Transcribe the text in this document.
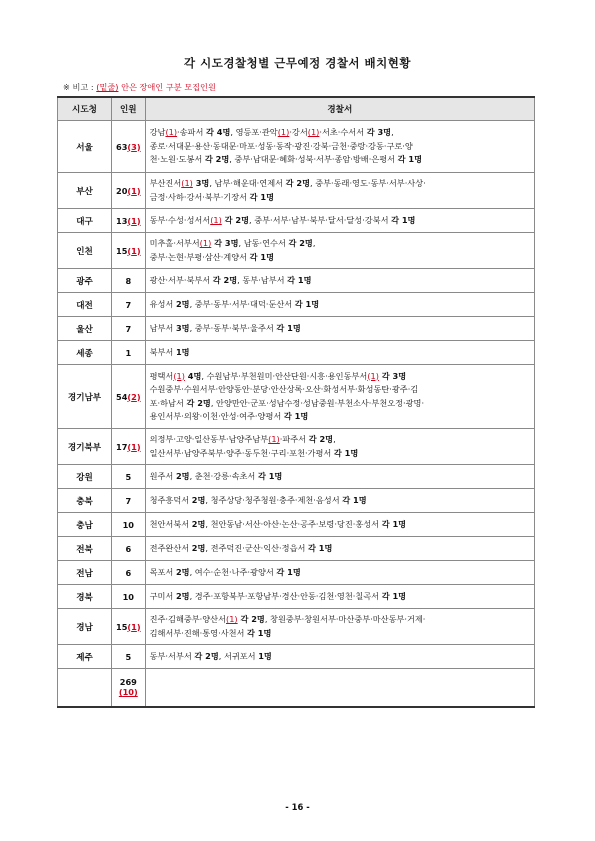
각 시도경찰청별 근무예정 경찰서 배치현황
※ 비고 : (밑줄) 안은 장애인 구분 모집인원
시도청	인원	경찰서
서울	63(3)	강남(1)·송파서 각 4명, 영등포·관악(1)·강서(1)·서초·수서서 각 3명,
종로·서대문·용산·동대문·마포·성동·동작·광진·강북·금천·중랑·강동·구로·양
천·노원·도봉서 각 2명, 중부·남대문·혜화·성북·서부·종암·방배·은평서 각 1명

부산	20(1)	부산진서(1) 3명, 남부·해운대·연제서 각 2명, 중부·동래·영도·동부·서부·사상·
금정·사하·강서·북부·기장서 각 1명

대구	13(1)	동부·수성·성서서(1) 각 2명, 중부·서부·남부·북부·달서·달성·강북서 각 1명

인천	15(1)	미추홀·서부서(1) 각 3명, 남동·연수서 각 2명,
중부·논현·부평·삼산·계양서 각 1명

광주	8	광산·서부·북부서 각 2명, 동부·남부서 각 1명

대전	7	유성서 2명, 중부·동부·서부·대덕·둔산서 각 1명

울산	7	남부서 3명, 중부·동부·북부·울주서 각 1명

세종	1	북부서 1명

경기남부	54(2)	평택서(1) 4명, 수원남부·부천원미·안산단원·시흥·용인동부서(1) 각 3명
수원중부·수원서부·안양동안·분당·안산상록·오산·화성서부·화성동탄·광주·김
포·하남서 각 2명, 안양만안·군포·성남수정·성남중원·부천소사·부천오정·광명·
용인서부·의왕·이천·안성·여주·양평서 각 1명

경기북부	17(1)	의정부·고양·일산동부·남양주남부(1)·파주서 각 2명,
일산서부·남양주북부·양주·동두천·구리·포천·가평서 각 1명

강원	5	원주서 2명, 춘천·강릉·속초서 각 1명

충북	7	청주흥덕서 2명, 청주상당·청주청원·충주·제천·음성서 각 1명

충남	10	천안서북서 2명, 천안동남·서산·아산·논산·공주·보령·당진·홍성서 각 1명

전북	6	전주완산서 2명, 전주덕진·군산·익산·정읍서 각 1명

전남	6	목포서 2명, 여수·순천·나주·광양서 각 1명

경북	10	구미서 2명, 경주·포항북부·포항남부·경산·안동·김천·영천·칠곡서 각 1명

경남	15(1)	진주·김해중부·양산서(1) 각 2명, 창원중부·창원서부·마산중부·마산동부·거제·
김해서부·진해·통영·사천서 각 1명

제주	5	동부·서부서 각 2명, 서귀포서 1명

	269
(10)	
- 16 -
